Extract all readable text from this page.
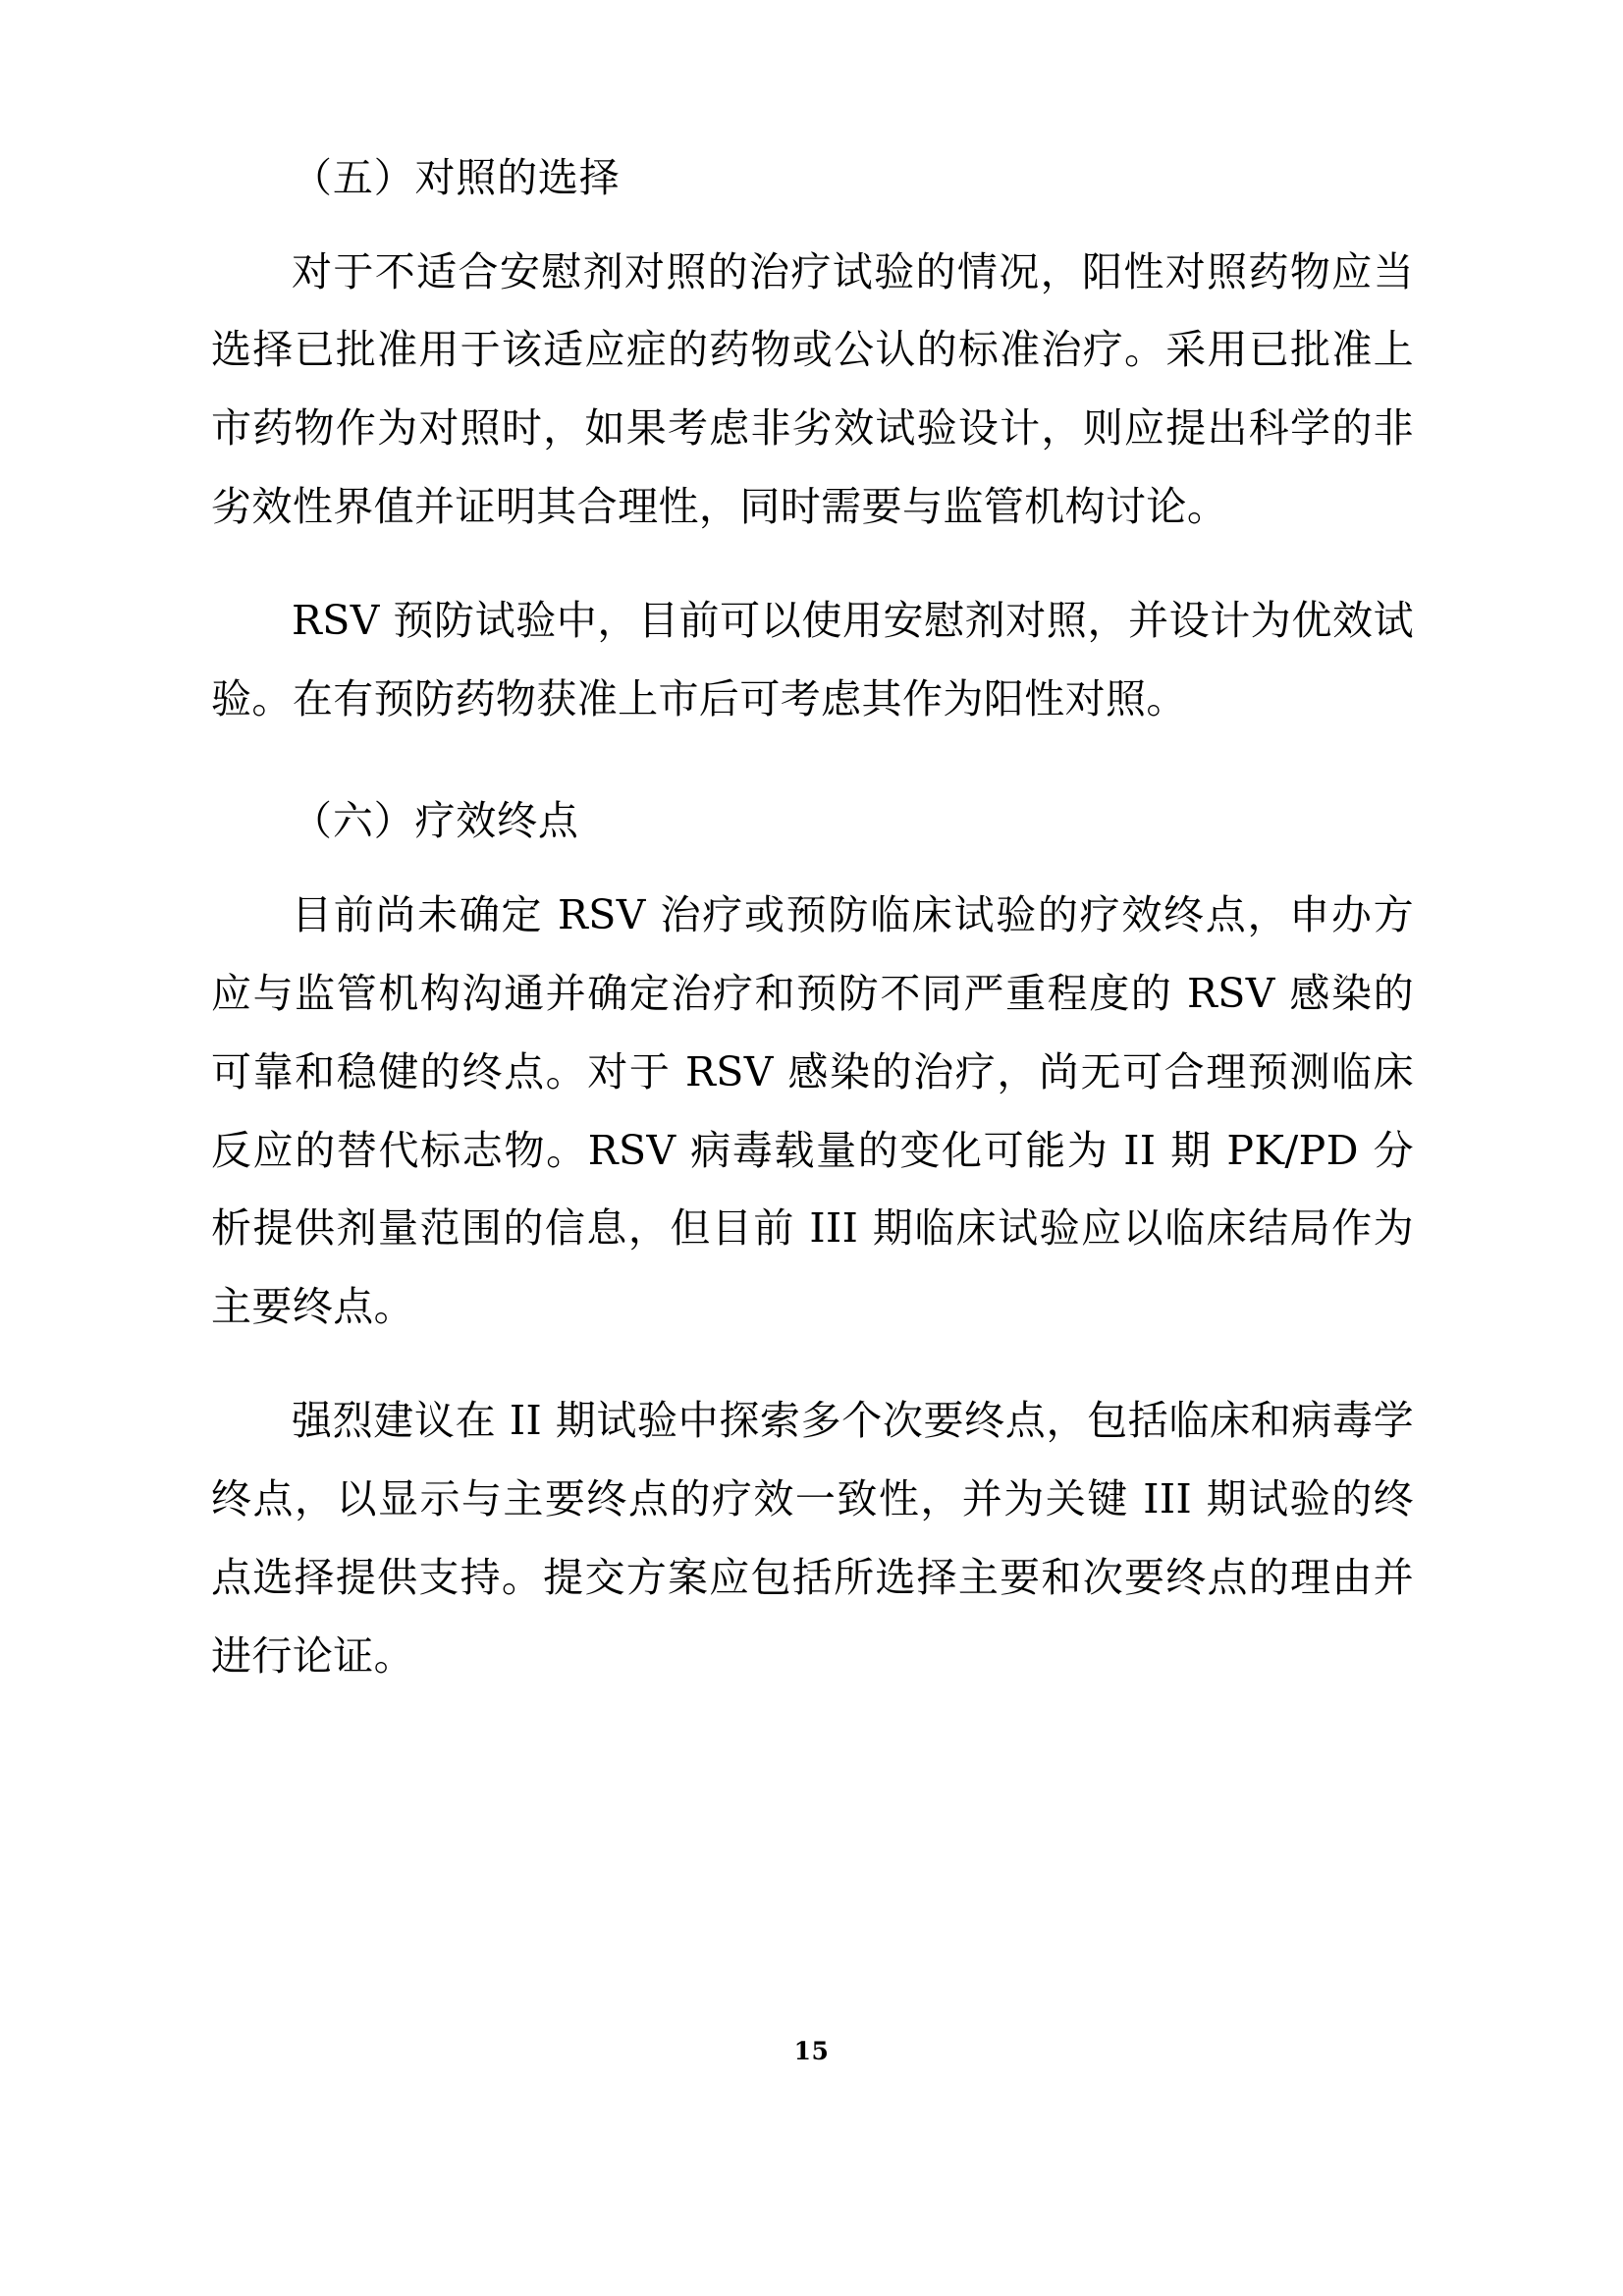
（五）对照的选择

对于不适合安慰剂对照的治疗试验的情况，阳性对照药物应当选择已批准用于该适应症的药物或公认的标准治疗。采用已批准上市药物作为对照时，如果考虑非劣效试验设计，则应提出科学的非劣效性界值并证明其合理性，同时需要与监管机构讨论。

RSV 预防试验中，目前可以使用安慰剂对照，并设计为优效试验。在有预防药物获准上市后可考虑其作为阳性对照。

（六）疗效终点

目前尚未确定 RSV 治疗或预防临床试验的疗效终点，申办方应与监管机构沟通并确定治疗和预防不同严重程度的 RSV 感染的可靠和稳健的终点。对于 RSV 感染的治疗，尚无可合理预测临床反应的替代标志物。RSV 病毒载量的变化可能为 II 期 PK/PD 分析提供剂量范围的信息，但目前 III 期临床试验应以临床结局作为主要终点。

强烈建议在 II 期试验中探索多个次要终点，包括临床和病毒学终点，以显示与主要终点的疗效一致性，并为关键 III 期试验的终点选择提供支持。提交方案应包括所选择主要和次要终点的理由并进行论证。

15
